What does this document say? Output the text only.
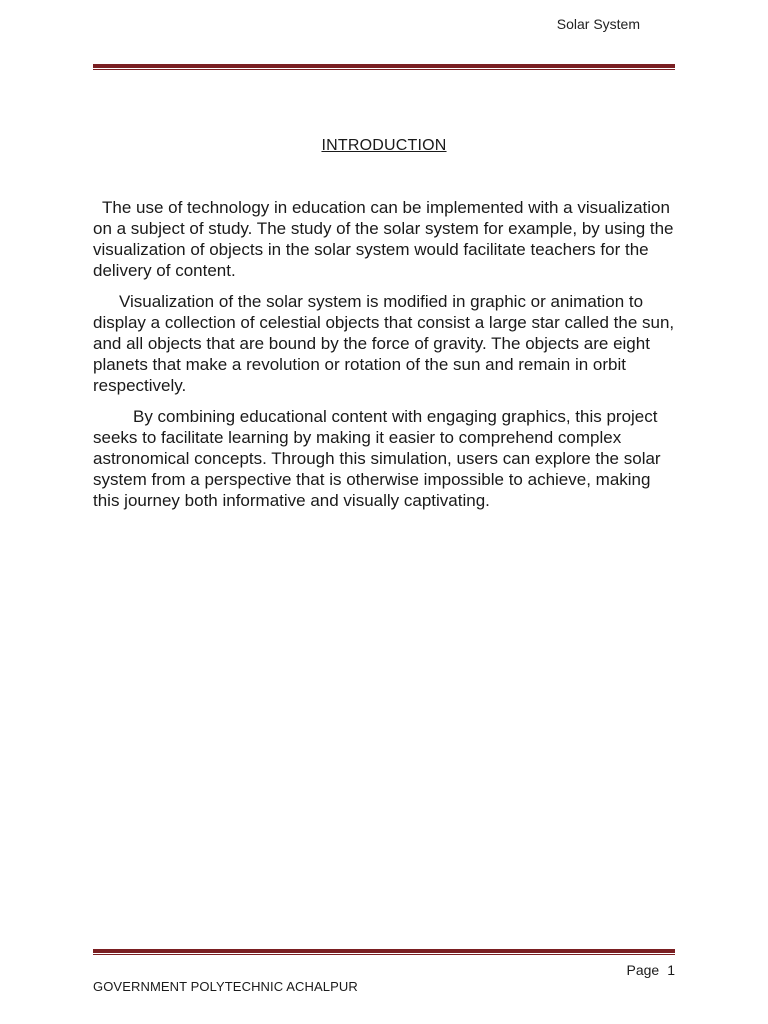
Solar System
INTRODUCTION

The use of technology in education can be implemented with a visualization on a subject of study. The study of the solar system for example, by using the visualization of objects in the solar system would facilitate teachers for the delivery of content.

Visualization of the solar system is modified in graphic or animation to display a collection of celestial objects that consist a large star called the sun, and all objects that are bound by the force of gravity. The objects are eight planets that make a revolution or rotation of the sun and remain in orbit respectively.

By combining educational content with engaging graphics, this project seeks to facilitate learning by making it easier to comprehend complex astronomical concepts. Through this simulation, users can explore the solar system from a perspective that is otherwise impossible to achieve, making this journey both informative and visually captivating.

Page 1
GOVERNMENT POLYTECHNIC ACHALPUR
